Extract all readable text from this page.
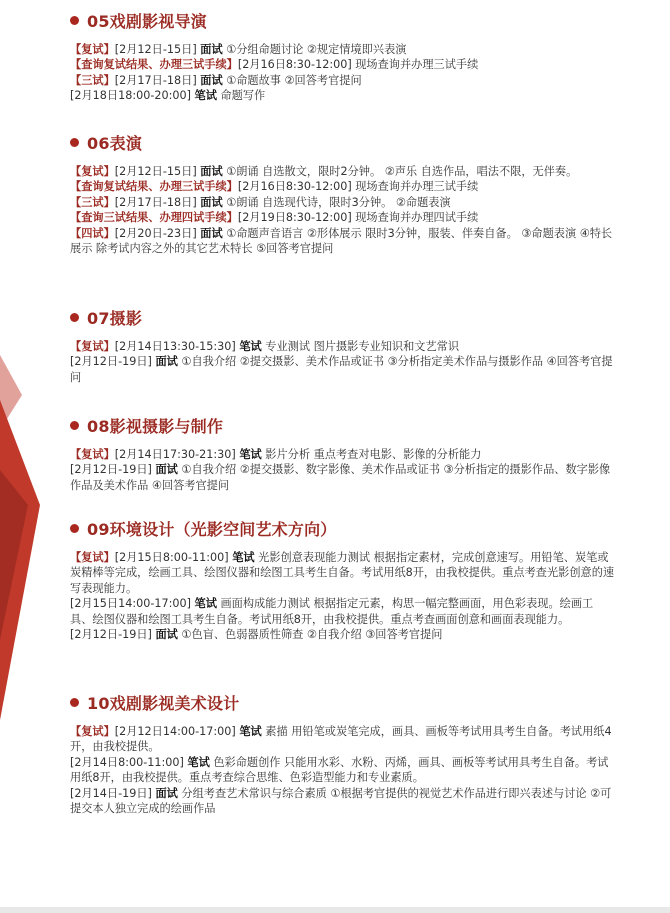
05戏剧影视导演

【复试】[2月12日-15日] 面试 ①分组命题讨论 ②规定情境即兴表演

【查询复试结果、办理三试手续】[2月16日8:30-12:00] 现场查询并办理三试手续

【三试】[2月17日-18日] 面试 ①命题故事 ②回答考官提问

[2月18日18:00-20:00] 笔试 命题写作

06表演

【复试】[2月12日-15日] 面试 ①朗诵 自选散文，限时2分钟。 ②声乐 自选作品，唱法不限，无伴奏。

【查询复试结果、办理三试手续】[2月16日8:30-12:00] 现场查询并办理三试手续

【三试】[2月17日-18日] 面试 ①朗诵 自选现代诗，限时3分钟。 ②命题表演

【查询三试结果、办理四试手续】[2月19日8:30-12:00] 现场查询并办理四试手续

【四试】[2月20日-23日] 面试 ①命题声音语言 ②形体展示 限时3分钟，服装、伴奏自备。 ③命题表演 ④特长展示 除考试内容之外的其它艺术特长 ⑤回答考官提问

07摄影

【复试】[2月14日13:30-15:30] 笔试 专业测试 图片摄影专业知识和文艺常识

[2月12日-19日] 面试 ①自我介绍 ②提交摄影、美术作品或证书 ③分析指定美术作品与摄影作品 ④回答考官提问

08影视摄影与制作

【复试】[2月14日17:30-21:30] 笔试 影片分析 重点考查对电影、影像的分析能力

[2月12日-19日] 面试 ①自我介绍 ②提交摄影、数字影像、美术作品或证书 ③分析指定的摄影作品、数字影像作品及美术作品 ④回答考官提问

09环境设计（光影空间艺术方向）

【复试】[2月15日8:00-11:00] 笔试 光影创意表现能力测试 根据指定素材，完成创意速写。用铅笔、炭笔或炭精棒等完成，绘画工具、绘图仪器和绘图工具考生自备。考试用纸8开，由我校提供。重点考查光影创意的速写表现能力。

[2月15日14:00-17:00] 笔试 画面构成能力测试 根据指定元素，构思一幅完整画面，用色彩表现。绘画工具、绘图仪器和绘图工具考生自备。考试用纸8开，由我校提供。重点考查画面创意和画面表现能力。

[2月12日-19日] 面试 ①色盲、色弱器质性筛查 ②自我介绍 ③回答考官提问

10戏剧影视美术设计

【复试】[2月12日14:00-17:00] 笔试 素描 用铅笔或炭笔完成，画具、画板等考试用具考生自备。考试用纸4开，由我校提供。

[2月14日8:00-11:00] 笔试 色彩命题创作 只能用水彩、水粉、丙烯，画具、画板等考试用具考生自备。考试用纸8开，由我校提供。重点考查综合思维、色彩造型能力和专业素质。

[2月14日-19日] 面试 分组考查艺术常识与综合素质 ①根据考官提供的视觉艺术作品进行即兴表述与讨论 ②可提交本人独立完成的绘画作品
